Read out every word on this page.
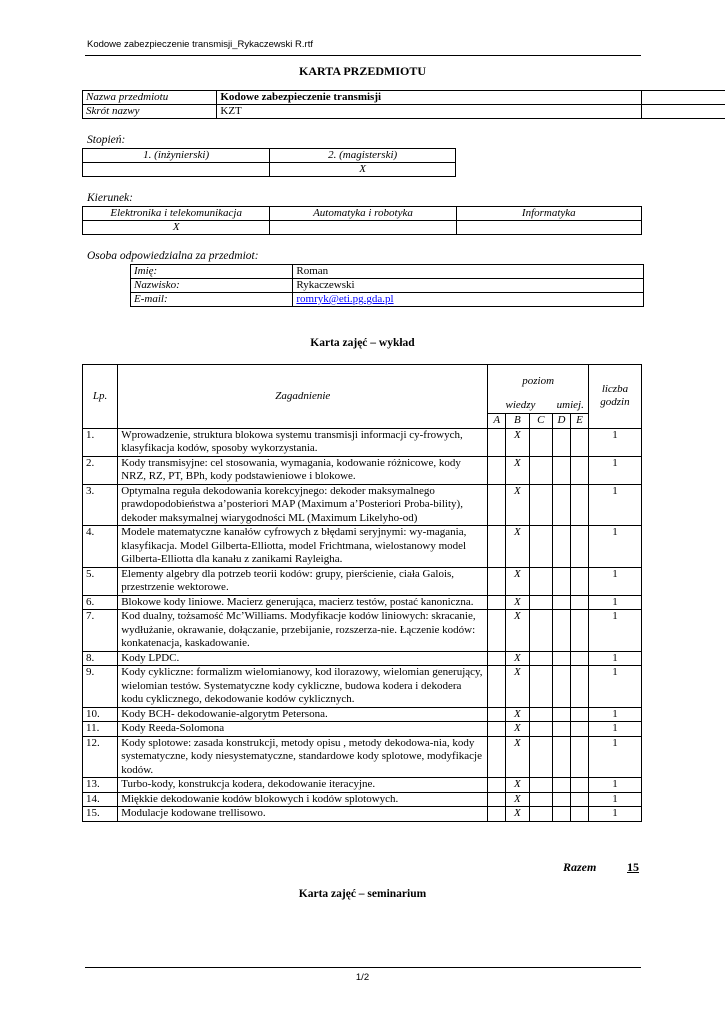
Kodowe zabezpieczenie transmisji_Rykaczewski R.rtf
KARTA PRZEDMIOTU
Nazwa przedmiotu	Kodowe zabezpieczenie transmisji	
Skrót nazwy	KZT	
Stopień:
1. (inżynierski)	2. (magisterski)
	X
Kierunek:
Elektronika i telekomunikacja	Automatyka i robotyka	Informatyka
X		
Osoba odpowiedzialna za przedmiot:
Imię:	Roman
Nazwisko:	Rykaczewski
E-mail:	romryk@eti.pg.gda.pl
Karta zajęć – wykład
Lp.	Zagadnienie	poziom					liczba godzin
		wiedzy			umiej.		
		A	B	C	D	E	
1.	Wprowadzenie, struktura blokowa systemu transmisji informacji cy-frowych, klasyfikacja kodów, sposoby wykorzystania.		X				1
2.	Kody transmisyjne: cel stosowania, wymagania, kodowanie różnicowe, kody NRZ, RZ, PT, BPh, kody podstawieniowe i blokowe.		X				1
3.	Optymalna reguła dekodowania korekcyjnego: dekoder maksymalnego prawdopodobieństwa a’posteriori MAP (Maximum a’Posteriori Proba-bility), dekoder maksymalnej wiarygodności ML (Maximum Likelyho-od)		X				1
4.	Modele matematyczne kanałów cyfrowych z błędami seryjnymi: wy-magania, klasyfikacja. Model Gilberta-Elliotta, model Frichtmana, wielostanowy model Gilberta-Elliotta dla kanału z zanikami Rayleigha.		X				1
5.	Elementy algebry dla potrzeb teorii kodów: grupy, pierścienie, ciała Galois, przestrzenie wektorowe.		X				1
6.	Blokowe kody liniowe. Macierz generująca, macierz testów, postać kanoniczna.		X				1
7.	Kod dualny, tożsamość Mc’Williams. Modyfikacje kodów liniowych: skracanie, wydłużanie, okrawanie, dołączanie, przebijanie, rozszerza-nie. Łączenie kodów: konkatenacja, kaskadowanie.		X				1
8.	Kody LPDC.		X				1
9.	Kody cykliczne: formalizm wielomianowy, kod ilorazowy, wielomian generujący, wielomian testów. Systematyczne kody cykliczne, budowa kodera i dekodera kodu cyklicznego, dekodowanie kodów cyklicznych.		X				1
10.	Kody BCH- dekodowanie-algorytm Petersona.		X				1
11.	Kody Reeda-Solomona		X				1
12.	Kody splotowe: zasada konstrukcji, metody opisu , metody dekodowa-nia, kody systematyczne, kody niesystematyczne, standardowe kody splotowe, modyfikacje kodów.		X				1
13.	Turbo-kody, konstrukcja kodera, dekodowanie iteracyjne.		X				1
14.	Miękkie dekodowanie kodów blokowych i kodów splotowych.		X				1
15.	Modulacje kodowane trellisowo.		X				1
Razem	15
Karta zajęć – seminarium
1/2
